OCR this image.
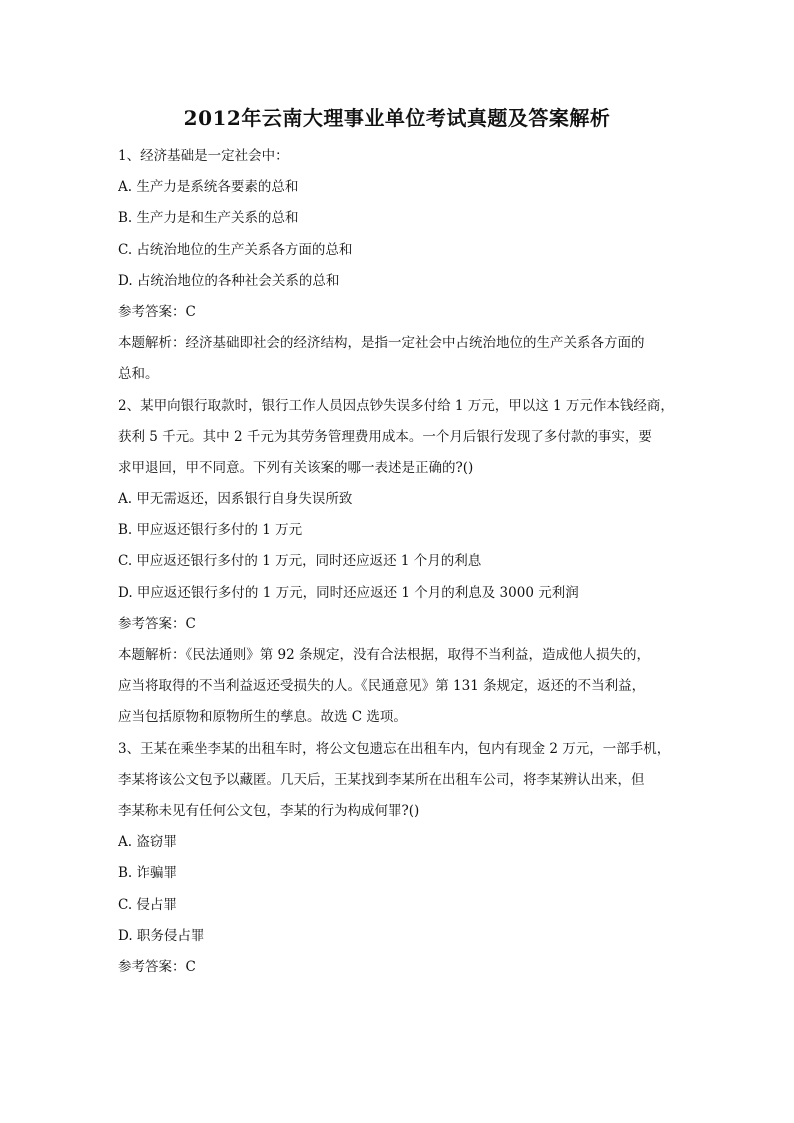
2012年云南大理事业单位考试真题及答案解析
1、经济基础是一定社会中：
A. 生产力是系统各要素的总和
B. 生产力是和生产关系的总和
C. 占统治地位的生产关系各方面的总和
D. 占统治地位的各种社会关系的总和
参考答案：C
本题解析：经济基础即社会的经济结构，是指一定社会中占统治地位的生产关系各方面的
总和。
2、某甲向银行取款时，银行工作人员因点钞失误多付给 1 万元，甲以这 1 万元作本钱经商，
获利 5 千元。其中 2 千元为其劳务管理费用成本。一个月后银行发现了多付款的事实，要
求甲退回，甲不同意。下列有关该案的哪一表述是正确的?()
A. 甲无需返还，因系银行自身失误所致
B. 甲应返还银行多付的 1 万元
C. 甲应返还银行多付的 1 万元，同时还应返还 1 个月的利息
D. 甲应返还银行多付的 1 万元，同时还应返还 1 个月的利息及 3000 元利润
参考答案：C
本题解析：《民法通则》第 92 条规定，没有合法根据，取得不当利益，造成他人损失的，
应当将取得的不当利益返还受损失的人。《民通意见》第 131 条规定，返还的不当利益，
应当包括原物和原物所生的孳息。故选 C 选项。
3、王某在乘坐李某的出租车时，将公文包遗忘在出租车内，包内有现金 2 万元，一部手机，
李某将该公文包予以藏匿。几天后，王某找到李某所在出租车公司，将李某辨认出来，但
李某称未见有任何公文包，李某的行为构成何罪?()
A. 盗窃罪
B. 诈骗罪
C. 侵占罪
D. 职务侵占罪
参考答案：C
